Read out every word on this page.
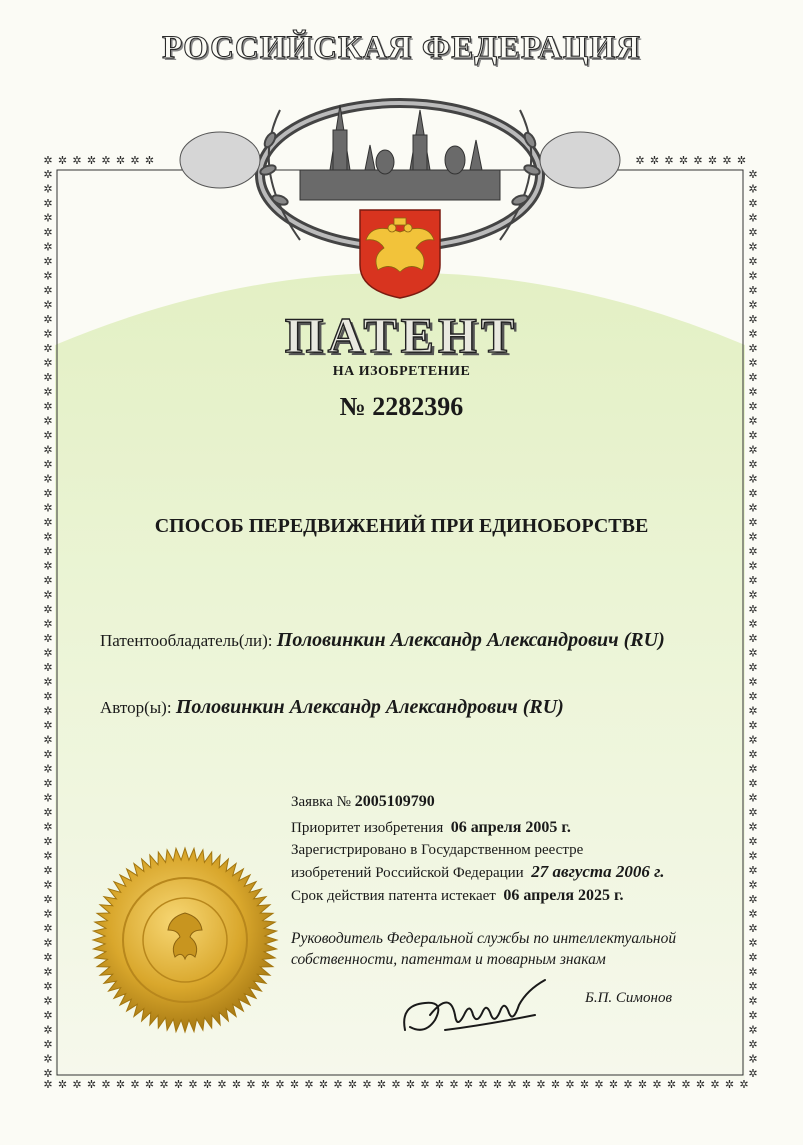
✲ ✲ ✲ ✲ ✲ ✲ ✲ ✲	✲ ✲ ✲ ✲ ✲ ✲ ✲ ✲
✲ ✲ ✲ ✲ ✲ ✲ ✲ ✲ ✲ ✲ ✲ ✲ ✲ ✲ ✲ ✲ ✲ ✲ ✲ ✲ ✲ ✲ ✲ ✲ ✲ ✲ ✲ ✲ ✲ ✲ ✲ ✲ ✲ ✲ ✲ ✲ ✲ ✲ ✲ ✲ ✲ ✲ ✲ ✲ ✲ ✲ ✲ ✲ ✲
✲	✲
✲	✲
✲	✲
✲	✲
✲	✲
✲	✲
✲	✲
✲	✲
✲	✲
✲	✲
✲	✲
✲	✲
✲	✲
✲	✲
✲	✲
✲	✲
✲	✲
✲	✲
✲	✲
✲	✲
✲	✲
✲	✲
✲	✲
✲	✲
✲	✲
✲	✲
✲	✲
✲	✲
✲	✲
✲	✲
✲	✲
✲	✲
✲	✲
✲	✲
✲	✲
✲	✲
✲	✲
✲	✲
✲	✲
✲	✲
✲	✲
✲	✲
✲	✲
✲	✲
✲	✲
✲	✲
✲	✲
✲	✲
✲	✲
✲	✲
✲	✲
✲	✲
✲	✲
✲	✲
✲	✲
✲	✲
✲	✲
✲	✲
✲	✲
✲	✲
✲	✲
✲	✲
✲	✲
РОССИЙСКАЯ ФЕДЕРАЦИЯ
ПАТЕНТ
НА ИЗОБРЕТЕНИЕ
№ 2282396
СПОСОБ ПЕРЕДВИЖЕНИЙ ПРИ ЕДИНОБОРСТВЕ
Патентообладатель(ли): Половинкин Александр Александрович (RU)
Автор(ы): Половинкин Александр Александрович (RU)
Заявка № 2005109790
Приоритет изобретения 06 апреля 2005 г.
Зарегистрировано в Государственном реестре
изобретений Российской Федерации 27 августа 2006 г.
Срок действия патента истекает 06 апреля 2025 г.
Руководитель Федеральной службы по интеллектуальной
собственности, патентам и товарным знакам
Б.П. Симонов
